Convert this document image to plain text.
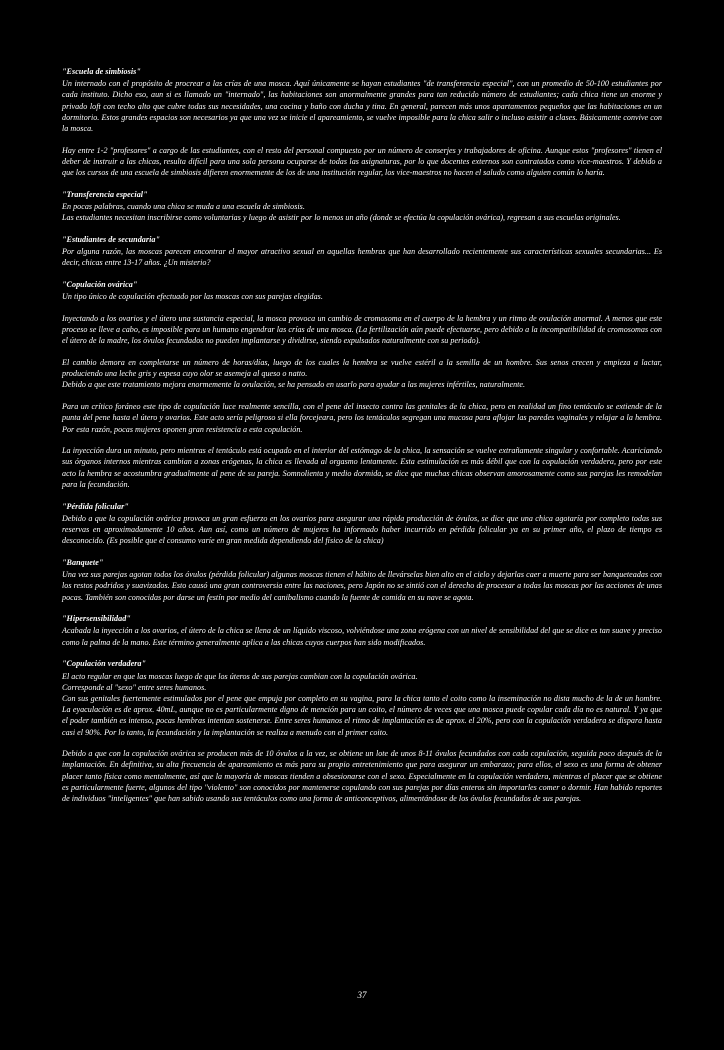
"Escuela de simbiosis"

Un internado con el propósito de procrear a las crías de una mosca. Aquí únicamente se hayan estudiantes "de transferencia especial", con un promedio de 50-100 estudiantes por cada instituto. Dicho eso, aun si es llamado un "internado", las habitaciones son anormalmente grandes para tan reducido número de estudiantes; cada chica tiene un enorme y privado loft con techo alto que cubre todas sus necesidades, una cocina y baño con ducha y tina. En general, parecen más unos apartamentos pequeños que las habitaciones en un dormitorio. Estos grandes espacios son necesarios ya que una vez se inicie el apareamiento, se vuelve imposible para la chica salir o incluso asistir a clases. Básicamente convive con la mosca.

Hay entre 1-2 "profesores" a cargo de las estudiantes, con el resto del personal compuesto por un número de conserjes y trabajadores de oficina. Aunque estos "profesores" tienen el deber de instruir a las chicas, resulta difícil para una sola persona ocuparse de todas las asignaturas, por lo que docentes externos son contratados como vice-maestros. Y debido a que los cursos de una escuela de simbiosis difieren enormemente de los de una institución regular, los vice-maestros no hacen el saludo como alguien común lo haría.

"Transferencia especial"

En pocas palabras, cuando una chica se muda a una escuela de simbiosis.

Las estudiantes necesitan inscribirse como voluntarias y luego de asistir por lo menos un año (donde se efectúa la copulación ovárica), regresan a sus escuelas originales.

"Estudiantes de secundaria"

Por alguna razón, las moscas parecen encontrar el mayor atractivo sexual en aquellas hembras que han desarrollado recientemente sus características sexuales secundarias... Es decir, chicas entre 13-17 años. ¿Un misterio?

"Copulación ovárica"

Un tipo único de copulación efectuado por las moscas con sus parejas elegidas.

Inyectando a los ovarios y el útero una sustancia especial, la mosca provoca un cambio de cromosoma en el cuerpo de la hembra y un ritmo de ovulación anormal. A menos que este proceso se lleve a cabo, es imposible para un humano engendrar las crías de una mosca. (La fertilización aún puede efectuarse, pero debido a la incompatibilidad de cromosomas con el útero de la madre, los óvulos fecundados no pueden implantarse y dividirse, siendo expulsados naturalmente con su periodo).

El cambio demora en completarse un número de horas/días, luego de los cuales la hembra se vuelve estéril a la semilla de un hombre. Sus senos crecen y empieza a lactar, produciendo una leche gris y espesa cuyo olor se asemeja al queso o natto.

Debido a que este tratamiento mejora enormemente la ovulación, se ha pensado en usarlo para ayudar a las mujeres infértiles, naturalmente.

Para un crítico foráneo este tipo de copulación luce realmente sencilla, con el pene del insecto contra las genitales de la chica, pero en realidad un fino tentáculo se extiende de la punta del pene hasta el útero y ovarios. Este acto sería peligroso si ella forcejeara, pero los tentáculos segregan una mucosa para aflojar las paredes vaginales y relajar a la hembra. Por esta razón, pocas mujeres oponen gran resistencia a esta copulación.

La inyección dura un minuto, pero mientras el tentáculo está ocupado en el interior del estómago de la chica, la sensación se vuelve extrañamente singular y confortable. Acariciando sus órganos internos mientras cambian a zonas erógenas, la chica es llevada al orgasmo lentamente. Esta estimulación es más débil que con la copulación verdadera, pero por este acto la hembra se acostumbra gradualmente al pene de su pareja. Somnolienta y medio dormida, se dice que muchas chicas observan amorosamente como sus parejas les remodelan para la fecundación.

"Pérdida folicular"

Debido a que la copulación ovárica provoca un gran esfuerzo en los ovarios para asegurar una rápida producción de óvulos, se dice que una chica agotaría por completo todas sus reservas en aproximadamente 10 años. Aun así, como un número de mujeres ha informado haber incurrido en pérdida folicular ya en su primer año, el plazo de tiempo es desconocido. (Es posible que el consumo varíe en gran medida dependiendo del físico de la chica)

"Banquete"

Una vez sus parejas agotan todos los óvulos (pérdida folicular) algunas moscas tienen el hábito de llevárselas bien alto en el cielo y dejarlas caer a muerte para ser banqueteadas con los restos podridos y suavizados. Esto causó una gran controversia entre las naciones, pero Japón no se sintió con el derecho de procesar a todas las moscas por las acciones de unas pocas. También son conocidas por darse un festín por medio del canibalismo cuando la fuente de comida en su nave se agota.

"Hipersensibilidad"

Acabada la inyección a los ovarios, el útero de la chica se llena de un líquido viscoso, volviéndose una zona erógena con un nivel de sensibilidad del que se dice es tan suave y preciso como la palma de la mano. Este término generalmente aplica a las chicas cuyos cuerpos han sido modificados.

"Copulación verdadera"

El acto regular en que las moscas luego de que los úteros de sus parejas cambian con la copulación ovárica.

Corresponde al "sexo" entre seres humanos.

Con sus genitales fuertemente estimulados por el pene que empuja por completo en su vagina, para la chica tanto el coito como la inseminación no dista mucho de la de un hombre. La eyaculación es de aprox. 40mL, aunque no es particularmente digno de mención para un coito, el número de veces que una mosca puede copular cada día no es natural. Y ya que el poder también es intenso, pocas hembras intentan sostenerse. Entre seres humanos el ritmo de implantación es de aprox. el 20%, pero con la copulación verdadera se dispara hasta casi el 90%. Por lo tanto, la fecundación y la implantación se realiza a menudo con el primer coito.

Debido a que con la copulación ovárica se producen más de 10 óvulos a la vez, se obtiene un lote de unos 8-11 óvulos fecundados con cada copulación, seguida poco después de la implantación. En definitiva, su alta frecuencia de apareamiento es más para su propio entretenimiento que para asegurar un embarazo; para ellos, el sexo es una forma de obtener placer tanto física como mentalmente, así que la mayoría de moscas tienden a obsesionarse con el sexo. Especialmente en la copulación verdadera, mientras el placer que se obtiene es particularmente fuerte, algunos del tipo "violento" son conocidos por mantenerse copulando con sus parejas por días enteros sin importarles comer o dormir. Han habido reportes de individuos "inteligentes" que han sabido usando sus tentáculos como una forma de anticonceptivos, alimentándose de los óvulos fecundados de sus parejas.

37
